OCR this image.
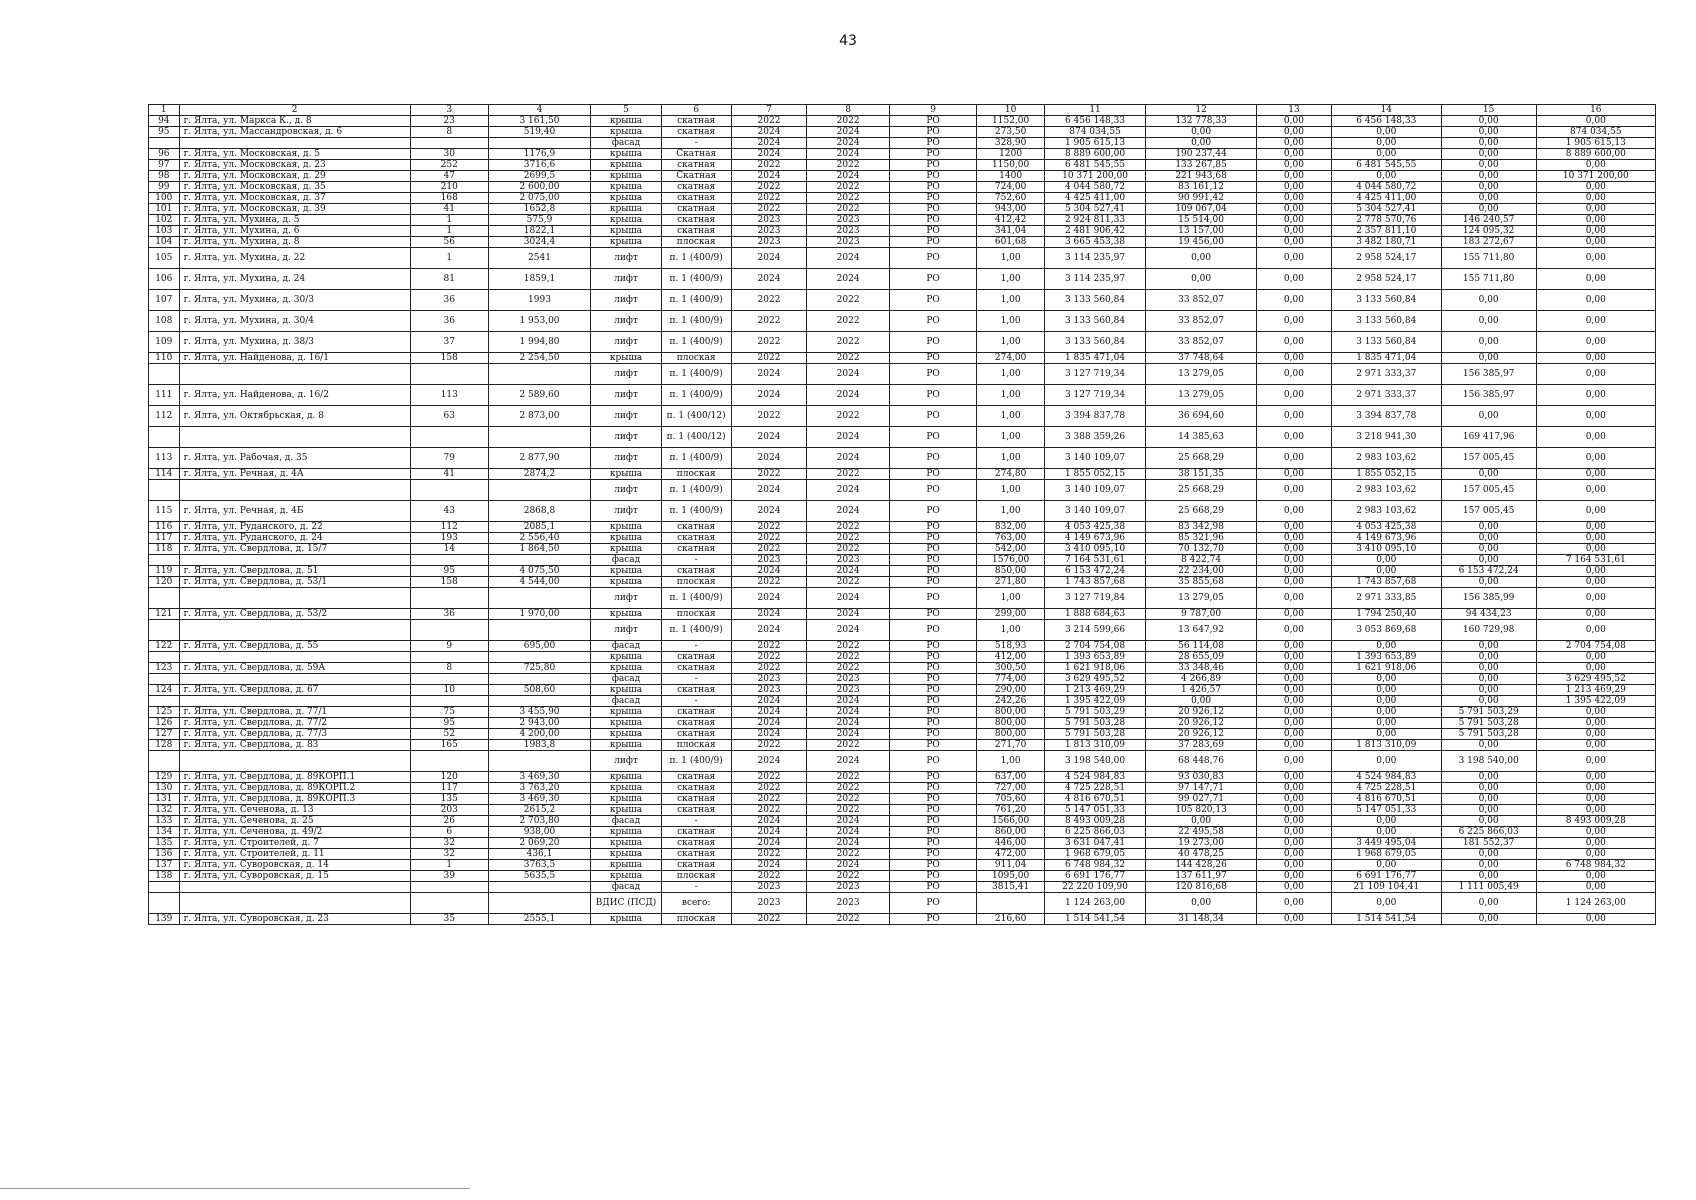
43
1	2	3	4	5	6	7	8	9	10	11	12	13	14	15	16
94	г. Ялта, ул. Маркса К., д. 8	23	3 161,50	крыша	скатная	2022	2022	РО	1152,00	6 456 148,33	132 778,33	0,00	6 456 148,33	0,00	0,00
95	г. Ялта, ул. Массандровская, д. 6	8	519,40	крыша	скатная	2024	2024	РО	273,50	874 034,55	0,00	0,00	0,00	0,00	874 034,55
				фасад	-	2024	2024	РО	328,90	1 905 615,13	0,00	0,00	0,00	0,00	1 905 615,13
96	г. Ялта, ул. Московская, д. 5	30	1176,9	крыша	Скатная	2024	2024	РО	1200	8 889 600,00	190 237,44	0,00	0,00	0,00	8 889 600,00
97	г. Ялта, ул. Московская, д. 23	252	3716,6	крыша	скатная	2022	2022	РО	1150,00	6 481 545,55	133 267,85	0,00	6 481 545,55	0,00	0,00
98	г. Ялта, ул. Московская, д. 29	47	2699,5	крыша	Скатная	2024	2024	РО	1400	10 371 200,00	221 943,68	0,00	0,00	0,00	10 371 200,00
99	г. Ялта, ул. Московская, д. 35	210	2 600,00	крыша	скатная	2022	2022	РО	724,00	4 044 580,72	83 161,12	0,00	4 044 580,72	0,00	0,00
100	г. Ялта, ул. Московская, д. 37	168	2 075,00	крыша	скатная	2022	2022	РО	752,60	4 425 411,00	90 991,42	0,00	4 425 411,00	0,00	0,00
101	г. Ялта, ул. Московская, д. 39	41	1652,8	крыша	скатная	2022	2022	РО	943,00	5 304 527,41	109 067,04	0,00	5 304 527,41	0,00	0,00
102	г. Ялта, ул. Мухина, д. 5	1	575,9	крыша	скатная	2023	2023	РО	412,42	2 924 811,33	15 514,00	0,00	2 778 570,76	146 240,57	0,00
103	г. Ялта, ул. Мухина, д. 6	1	1822,1	крыша	скатная	2023	2023	РО	341,04	2 481 906,42	13 157,00	0,00	2 357 811,10	124 095,32	0,00
104	г. Ялта, ул. Мухина, д. 8	56	3024,4	крыша	плоская	2023	2023	РО	601,68	3 665 453,38	19 456,00	0,00	3 482 180,71	183 272,67	0,00
105	г. Ялта, ул. Мухина, д. 22	1	2541	лифт	п. 1 (400/9)	2024	2024	РО	1,00	3 114 235,97	0,00	0,00	2 958 524,17	155 711,80	0,00
106	г. Ялта, ул. Мухина, д. 24	81	1859,1	лифт	п. 1 (400/9)	2024	2024	РО	1,00	3 114 235,97	0,00	0,00	2 958 524,17	155 711,80	0,00
107	г. Ялта, ул. Мухина, д. 30/3	36	1993	лифт	п. 1 (400/9)	2022	2022	РО	1,00	3 133 560,84	33 852,07	0,00	3 133 560,84	0,00	0,00
108	г. Ялта, ул. Мухина, д. 30/4	36	1 953,00	лифт	п. 1 (400/9)	2022	2022	РО	1,00	3 133 560,84	33 852,07	0,00	3 133 560,84	0,00	0,00
109	г. Ялта, ул. Мухина, д. 38/3	37	1 994,80	лифт	п. 1 (400/9)	2022	2022	РО	1,00	3 133 560,84	33 852,07	0,00	3 133 560,84	0,00	0,00
110	г. Ялта, ул. Найденова, д. 16/1	158	2 254,50	крыша	плоская	2022	2022	РО	274,00	1 835 471,04	37 748,64	0,00	1 835 471,04	0,00	0,00
				лифт	п. 1 (400/9)	2024	2024	РО	1,00	3 127 719,34	13 279,05	0,00	2 971 333,37	156 385,97	0,00
111	г. Ялта, ул. Найденова, д. 16/2	113	2 589,60	лифт	п. 1 (400/9)	2024	2024	РО	1,00	3 127 719,34	13 279,05	0,00	2 971 333,37	156 385,97	0,00
112	г. Ялта, ул. Октябрьская, д. 8	63	2 873,00	лифт	п. 1 (400/12)	2022	2022	РО	1,00	3 394 837,78	36 694,60	0,00	3 394 837,78	0,00	0,00
				лифт	п. 1 (400/12)	2024	2024	РО	1,00	3 388 359,26	14 385,63	0,00	3 218 941,30	169 417,96	0,00
113	г. Ялта, ул. Рабочая, д. 35	79	2 877,90	лифт	п. 1 (400/9)	2024	2024	РО	1,00	3 140 109,07	25 668,29	0,00	2 983 103,62	157 005,45	0,00
114	г. Ялта, ул. Речная, д. 4А	41	2874,2	крыша	плоская	2022	2022	РО	274,80	1 855 052,15	38 151,35	0,00	1 855 052,15	0,00	0,00
				лифт	п. 1 (400/9)	2024	2024	РО	1,00	3 140 109,07	25 668,29	0,00	2 983 103,62	157 005,45	0,00
115	г. Ялта, ул. Речная, д. 4Б	43	2868,8	лифт	п. 1 (400/9)	2024	2024	РО	1,00	3 140 109,07	25 668,29	0,00	2 983 103,62	157 005,45	0,00
116	г. Ялта, ул. Руданского, д. 22	112	2085,1	крыша	скатная	2022	2022	РО	832,00	4 053 425,38	83 342,98	0,00	4 053 425,38	0,00	0,00
117	г. Ялта, ул. Руданского, д. 24	193	2 556,40	крыша	скатная	2022	2022	РО	763,00	4 149 673,96	85 321,96	0,00	4 149 673,96	0,00	0,00
118	г. Ялта, ул. Свердлова, д. 15/7	14	1 864,50	крыша	скатная	2022	2022	РО	542,00	3 410 095,10	70 132,70	0,00	3 410 095,10	0,00	0,00
				фасад	-	2023	2023	РО	1576,00	7 164 531,61	8 422,74	0,00	0,00	0,00	7 164 531,61
119	г. Ялта, ул. Свердлова, д. 51	95	4 075,50	крыша	скатная	2024	2024	РО	850,00	6 153 472,24	22 234,00	0,00	0,00	6 153 472,24	0,00
120	г. Ялта, ул. Свердлова, д. 53/1	158	4 544,00	крыша	плоская	2022	2022	РО	271,80	1 743 857,68	35 855,68	0,00	1 743 857,68	0,00	0,00
				лифт	п. 1 (400/9)	2024	2024	РО	1,00	3 127 719,84	13 279,05	0,00	2 971 333,85	156 385,99	0,00
121	г. Ялта, ул. Свердлова, д. 53/2	36	1 970,00	крыша	плоская	2024	2024	РО	299,00	1 888 684,63	9 787,00	0,00	1 794 250,40	94 434,23	0,00
				лифт	п. 1 (400/9)	2024	2024	РО	1,00	3 214 599,66	13 647,92	0,00	3 053 869,68	160 729,98	0,00
122	г. Ялта, ул. Свердлова, д. 55	9	695,00	фасад	-	2022	2022	РО	518,93	2 704 754,08	56 114,08	0,00	0,00	0,00	2 704 754,08
				крыша	скатная	2022	2022	РО	412,00	1 393 653,89	28 655,09	0,00	1 393 653,89	0,00	0,00
123	г. Ялта, ул. Свердлова, д. 59А	8	725,80	крыша	скатная	2022	2022	РО	300,50	1 621 918,06	33 348,46	0,00	1 621 918,06	0,00	0,00
				фасад	-	2023	2023	РО	774,00	3 629 495,52	4 266,89	0,00	0,00	0,00	3 629 495,52
124	г. Ялта, ул. Свердлова, д. 67	10	508,60	крыша	скатная	2023	2023	РО	290,00	1 213 469,29	1 426,57	0,00	0,00	0,00	1 213 469,29
				фасад	-	2024	2024	РО	242,26	1 395 422,09	0,00	0,00	0,00	0,00	1 395 422,09
125	г. Ялта, ул. Свердлова, д. 77/1	75	3 455,90	крыша	скатная	2024	2024	РО	800,00	5 791 503,29	20 926,12	0,00	0,00	5 791 503,29	0,00
126	г. Ялта, ул. Свердлова, д. 77/2	95	2 943,00	крыша	скатная	2024	2024	РО	800,00	5 791 503,28	20 926,12	0,00	0,00	5 791 503,28	0,00
127	г. Ялта, ул. Свердлова, д. 77/3	52	4 200,00	крыша	скатная	2024	2024	РО	800,00	5 791 503,28	20 926,12	0,00	0,00	5 791 503,28	0,00
128	г. Ялта, ул. Свердлова, д. 83	165	1983,8	крыша	плоская	2022	2022	РО	271,70	1 813 310,09	37 283,69	0,00	1 813 310,09	0,00	0,00
				лифт	п. 1 (400/9)	2024	2024	РО	1,00	3 198 540,00	68 448,76	0,00	0,00	3 198 540,00	0,00
129	г. Ялта, ул. Свердлова, д. 89КОРП.1	120	3 469,30	крыша	скатная	2022	2022	РО	637,00	4 524 984,83	93 030,83	0,00	4 524 984,83	0,00	0,00
130	г. Ялта, ул. Свердлова, д. 89КОРП.2	117	3 763,20	крыша	скатная	2022	2022	РО	727,00	4 725 228,51	97 147,71	0,00	4 725 228,51	0,00	0,00
131	г. Ялта, ул. Свердлова, д. 89КОРП.3	135	3 469,30	крыша	скатная	2022	2022	РО	705,60	4 816 670,51	99 027,71	0,00	4 816 670,51	0,00	0,00
132	г. Ялта, ул. Сеченова, д. 13	203	2615,2	крыша	скатная	2022	2022	РО	761,20	5 147 051,33	105 820,13	0,00	5 147 051,33	0,00	0,00
133	г. Ялта, ул. Сеченова, д. 25	26	2 703,80	фасад	-	2024	2024	РО	1566,00	8 493 009,28	0,00	0,00	0,00	0,00	8 493 009,28
134	г. Ялта, ул. Сеченова, д. 49/2	6	938,00	крыша	скатная	2024	2024	РО	860,00	6 225 866,03	22 495,58	0,00	0,00	6 225 866,03	0,00
135	г. Ялта, ул. Строителей, д. 7	32	2 069,20	крыша	скатная	2024	2024	РО	446,00	3 631 047,41	19 273,00	0,00	3 449 495,04	181 552,37	0,00
136	г. Ялта, ул. Строителей, д. 11	32	436,1	крыша	скатная	2022	2022	РО	472,00	1 968 679,05	40 478,25	0,00	1 968 679,05	0,00	0,00
137	г. Ялта, ул. Суворовская, д. 14	1	3763,5	крыша	скатная	2024	2024	РО	911,04	6 748 984,32	144 428,26	0,00	0,00	0,00	6 748 984,32
138	г. Ялта, ул. Суворовская, д. 15	39	5635,5	крыша	плоская	2022	2022	РО	1095,00	6 691 176,77	137 611,97	0,00	6 691 176,77	0,00	0,00
				фасад	-	2023	2023	РО	3815,41	22 220 109,90	120 816,68	0,00	21 109 104,41	1 111 005,49	0,00
				ВДИС (ПСД)	всего:	2023	2023	РО		1 124 263,00	0,00	0,00	0,00	0,00	1 124 263,00
139	г. Ялта, ул. Суворовская, д. 23	35	2555,1	крыша	плоская	2022	2022	РО	216,60	1 514 541,54	31 148,34	0,00	1 514 541,54	0,00	0,00
